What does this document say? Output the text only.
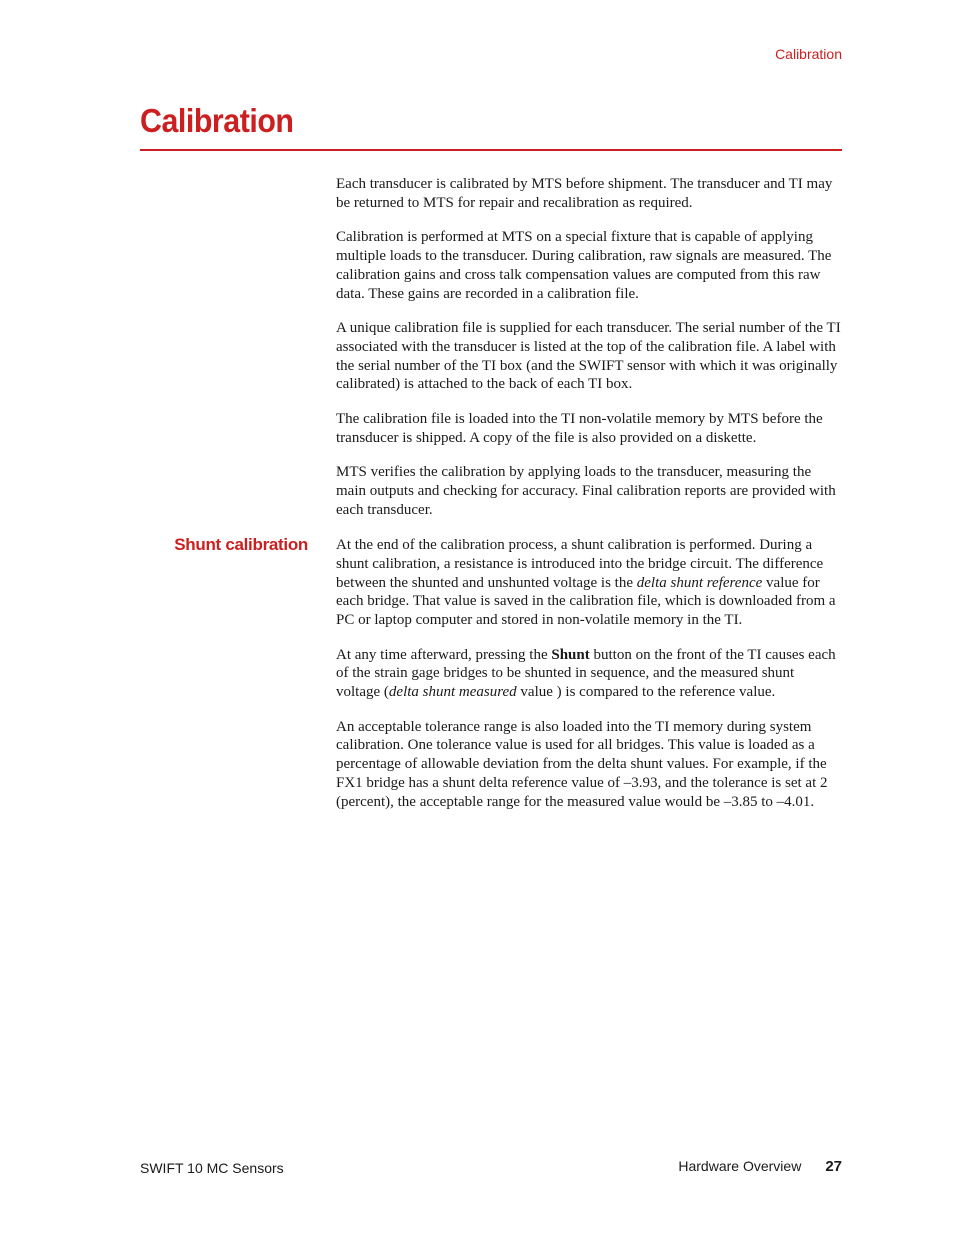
Calibration
Calibration

Each transducer is calibrated by MTS before shipment. The transducer and TI may be returned to MTS for repair and recalibration as required.

Calibration is performed at MTS on a special fixture that is capable of applying multiple loads to the transducer. During calibration, raw signals are measured. The calibration gains and cross talk compensation values are computed from this raw data. These gains are recorded in a calibration file.

A unique calibration file is supplied for each transducer. The serial number of the TI associated with the transducer is listed at the top of the calibration file. A label with the serial number of the TI box (and the SWIFT sensor with which it was originally calibrated) is attached to the back of each TI box.

The calibration file is loaded into the TI non-volatile memory by MTS before the transducer is shipped. A copy of the file is also provided on a diskette.

MTS verifies the calibration by applying loads to the transducer, measuring the main outputs and checking for accuracy. Final calibration reports are provided with each transducer.

Shunt calibration At the end of the calibration process, a shunt calibration is performed. During a shunt calibration, a resistance is introduced into the bridge circuit. The difference between the shunted and unshunted voltage is the delta shunt reference value for each bridge. That value is saved in the calibration file, which is downloaded from a PC or laptop computer and stored in non-volatile memory in the TI.

At any time afterward, pressing the Shunt button on the front of the TI causes each of the strain gage bridges to be shunted in sequence, and the measured shunt voltage (delta shunt measured value ) is compared to the reference value.

An acceptable tolerance range is also loaded into the TI memory during system calibration. One tolerance value is used for all bridges. This value is loaded as a percentage of allowable deviation from the delta shunt values. For example, if the FX1 bridge has a shunt delta reference value of –3.93, and the tolerance is set at 2 (percent), the acceptable range for the measured value would be –3.85 to –4.01.

SWIFT 10 MC Sensors	Hardware Overview 27
